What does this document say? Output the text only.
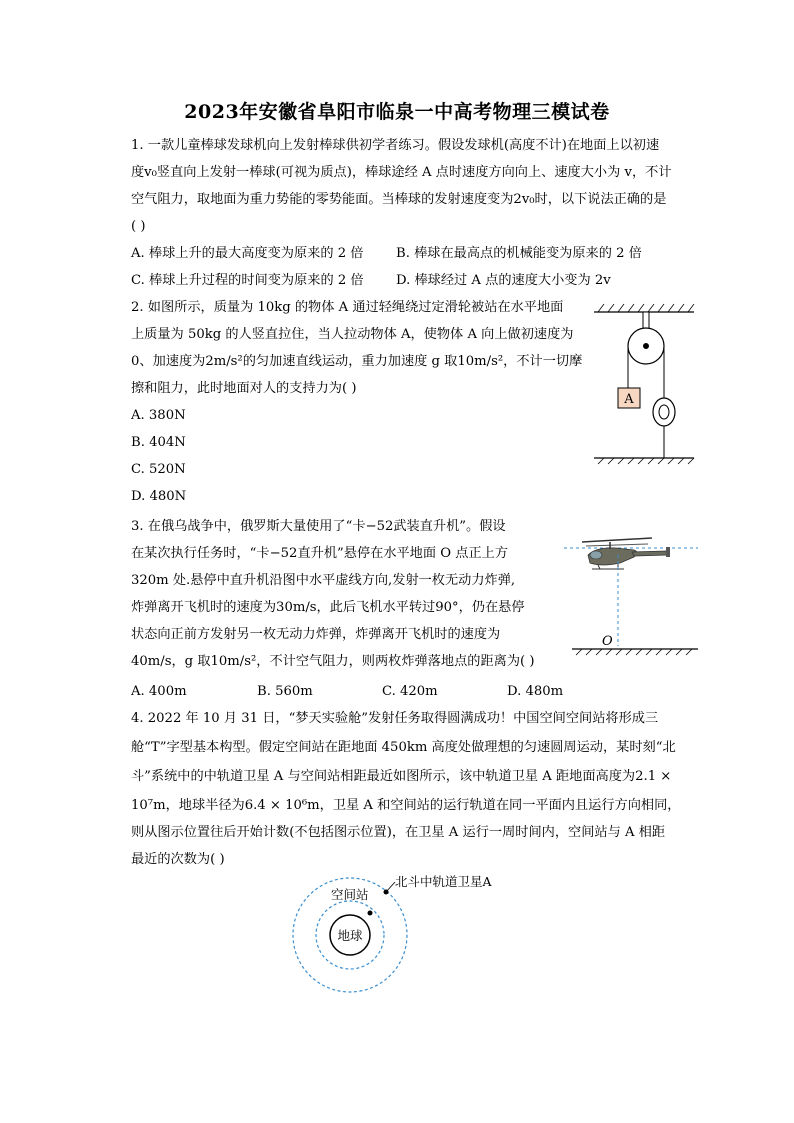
2023年安徽省阜阳市临泉一中高考物理三模试卷
1. 一款儿童棒球发球机向上发射棒球供初学者练习。假设发球机(高度不计)在地面上以初速
度v₀竖直向上发射一棒球(可视为质点)，棒球途经 A 点时速度方向向上、速度大小为 v，不计
空气阻力，取地面为重力势能的零势能面。当棒球的发射速度变为2v₀时，以下说法正确的是
( )
A. 棒球上升的最大高度变为原来的 2 倍 B. 棒球在最高点的机械能变为原来的 2 倍
C. 棒球上升过程的时间变为原来的 2 倍 D. 棒球经过 A 点的速度大小变为 2v
2. 如图所示，质量为 10kg 的物体 A 通过轻绳绕过定滑轮被站在水平地面
上质量为 50kg 的人竖直拉住，当人拉动物体 A，使物体 A 向上做初速度为
0、加速度为2m/s²的匀加速直线运动，重力加速度 g 取10m/s²，不计一切摩
擦和阻力，此时地面对人的支持力为( )
A. 380N
B. 404N
C. 520N
D. 480N
A
3. 在俄乌战争中，俄罗斯大量使用了“卡−52武装直升机”。假设
在某次执行任务时，“卡−52直升机”悬停在水平地面 O 点正上方
320m 处.悬停中直升机沿图中水平虚线方向,发射一枚无动力炸弹,
炸弹离开飞机时的速度为30m/s，此后飞机水平转过90°，仍在悬停
状态向正前方发射另一枚无动力炸弹，炸弹离开飞机时的速度为
40m/s，g 取10m/s²，不计空气阻力，则两枚炸弹落地点的距离为( )
A. 400m	B. 560m	C. 420m	D. 480m
O
4. 2022 年 10 月 31 日，“梦天实验舱”发射任务取得圆满成功！中国空间空间站将形成三
舱“T”字型基本构型。假定空间站在距地面 450km 高度处做理想的匀速圆周运动，某时刻“北
斗”系统中的中轨道卫星 A 与空间站相距最近如图所示，该中轨道卫星 A 距地面高度为2.1 ×
10⁷m，地球半径为6.4 × 10⁶m，卫星 A 和空间站的运行轨道在同一平面内且运行方向相同，
则从图示位置往后开始计数(不包括图示位置)，在卫星 A 运行一周时间内，空间站与 A 相距
最近的次数为( )
地球
空间站
北斗中轨道卫星A
